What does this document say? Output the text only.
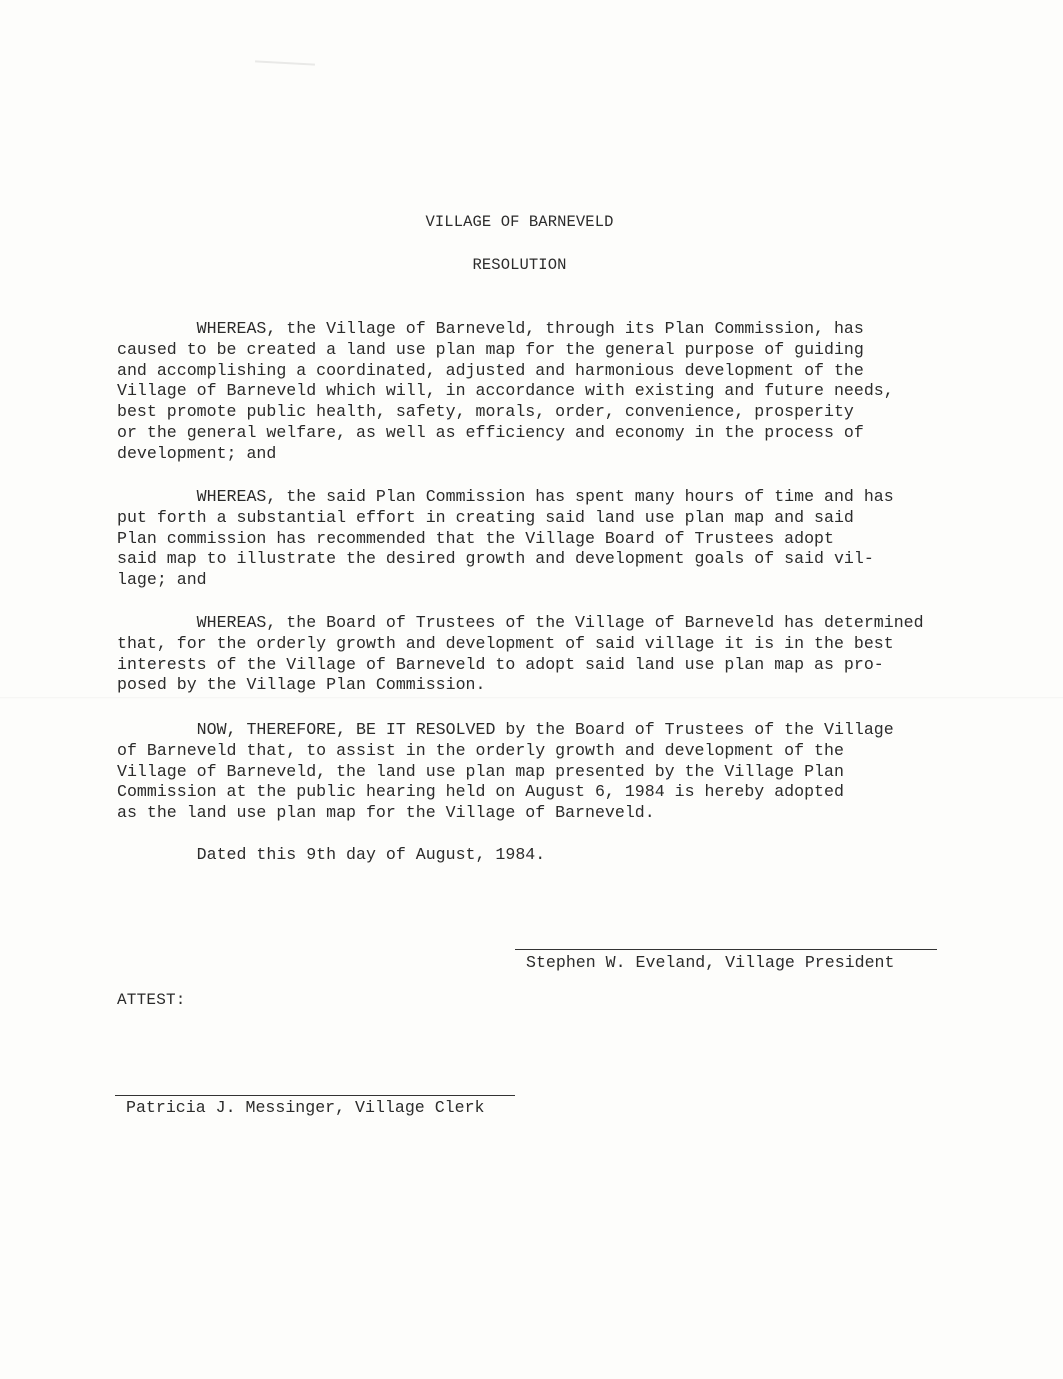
VILLAGE OF BARNEVELD
RESOLUTION

WHEREAS, the Village of Barneveld, through its Plan Commission, has
caused to be created a land use plan map for the general purpose of guiding
and accomplishing a coordinated, adjusted and harmonious development of the
Village of Barneveld which will, in accordance with existing and future needs,
best promote public health, safety, morals, order, convenience, prosperity
or the general welfare, as well as efficiency and economy in the process of
development; and

WHEREAS, the said Plan Commission has spent many hours of time and has
put forth a substantial effort in creating said land use plan map and said
Plan commission has recommended that the Village Board of Trustees adopt
said map to illustrate the desired growth and development goals of said vil-
lage; and

WHEREAS, the Board of Trustees of the Village of Barneveld has determined
that, for the orderly growth and development of said village it is in the best
interests of the Village of Barneveld to adopt said land use plan map as pro-
posed by the Village Plan Commission.

NOW, THEREFORE, BE IT RESOLVED by the Board of Trustees of the Village
of Barneveld that, to assist in the orderly growth and development of the
Village of Barneveld, the land use plan map presented by the Village Plan
Commission at the public hearing held on August 6, 1984 is hereby adopted
as the land use plan map for the Village of Barneveld.

Dated this 9th day of August, 1984.

Stephen W. Eveland, Village President
ATTEST:
Patricia J. Messinger, Village Clerk
